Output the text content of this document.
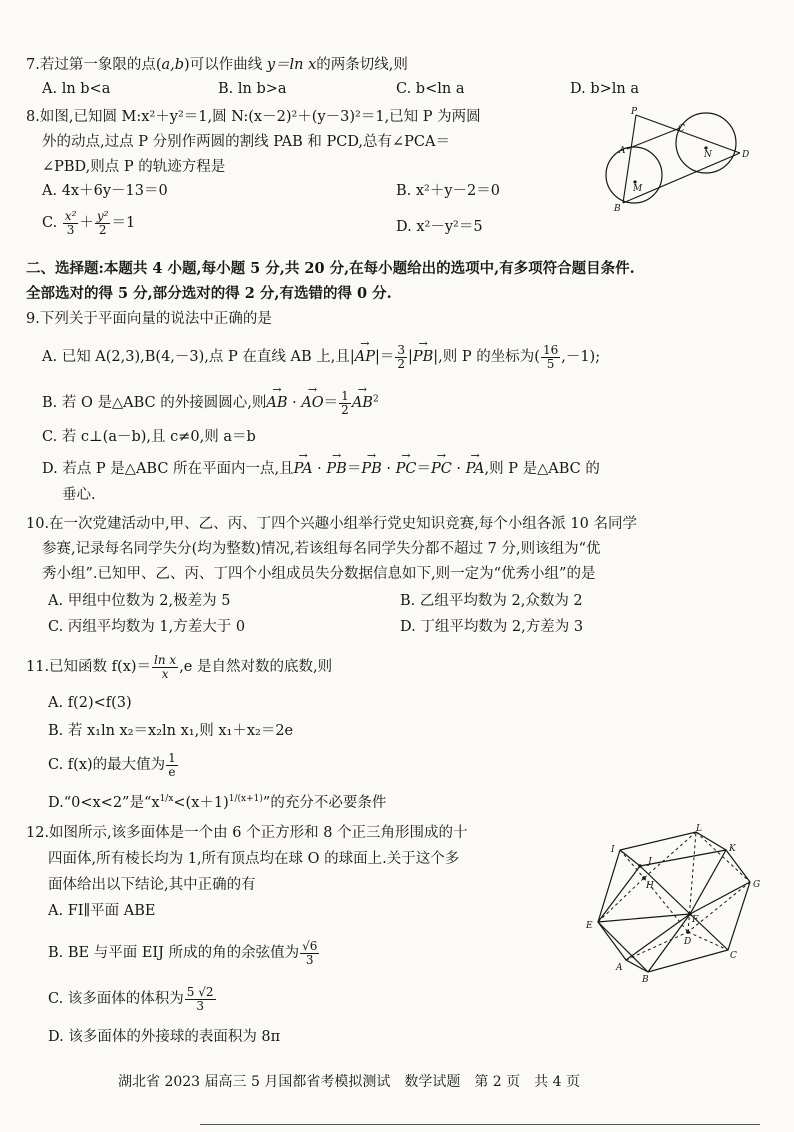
7.若过第一象限的点(a,b)可以作曲线 y＝ln x的两条切线,则
A. ln b<a	B. ln b>a	C. b<ln a	D. b>ln a
8.如图,已知圆 M:x²＋y²＝1,圆 N:(x－2)²＋(y－3)²＝1,已知 P 为两圆
外的动点,过点 P 分别作两圆的割线 PAB 和 PCD,总有∠PCA＝
∠PBD,则点 P 的轨迹方程是
A. 4x＋6y－13＝0	B. x²＋y－2＝0
C. $\frac{\text{x²}}{3} + \frac{\text{y²}}{2} =1$	D. x²－y²＝5
P
A
B
C
D
M
N
二、选择题:本题共 4 小题,每小题 5 分,共 20 分,在每小题给出的选项中,有多项符合题目条件.
全部选对的得 5 分,部分选对的得 2 分,有选错的得 0 分.
9.下列关于平面向量的说法中正确的是
A. 已知 A(2,3),B(4,－3),点 P 在直线 AB 上,且|→ $AP|= \frac{3}{2}$ |→ PB|,则 P 的坐标为( $\frac{16}{5} ,-1$);
B. 若 O 是△ABC 的外接圆圆心,则→ AB · → $AO= \frac{1}{2}$
→ $AB^2$
C. 若 c⊥(a－b),且 c≠0,则 a＝b
D. 若点 P 是△ABC 所在平面内一点,且→ PA · → PB＝→ PB · → PC＝→ PC · → PA,则 P 是△ABC 的
垂心.
10.在一次党建活动中,甲、乙、丙、丁四个兴趣小组举行党史知识竞赛,每个小组各派 10 名同学
参赛,记录每名同学失分(均为整数)情况,若该组每名同学失分都不超过 7 分,则该组为“优
秀小组”.已知甲、乙、丙、丁四个小组成员失分数据信息如下,则一定为“优秀小组”的是
A. 甲组中位数为 2,极差为 5	B. 乙组平均数为 2,众数为 2
C. 丙组平均数为 1,方差大于 0	D. 丁组平均数为 2,方差为 3
11.已知函数 $f(x)= \frac{\text{ln x}}{x} ,e$ 是自然对数的底数,则
A. f(2)<f(3)
B. 若 x₁ln x₂＝x₂ln x₁,则 x₁＋x₂＝2e
C. f(x)的最大值为 $\frac{1}{e}$
D.“0<x<2”是“$x^{1/x}<(x+1)^{1/(x+1)}$”的充分不必要条件
12.如图所示,该多面体是一个由 6 个正方形和 8 个正三角形围成的十
四面体,所有棱长均为 1,所有顶点均在球 O 的球面上.关于这个多
面体给出以下结论,其中正确的有
A. FI∥平面 ABE
B. BE 与平面 EIJ 所成的角的余弦值为 $\frac{√6}{3}$
C. 该多面体的体积为 $\frac{5 √2}{3}$
D. 该多面体的外接球的表面积为 8π
I
L
K
J
H	G
E
F
D
A
B
C
湖北省 2023 届高三 5 月国都省考模拟测试　数学试题　第 2 页　共 4 页
